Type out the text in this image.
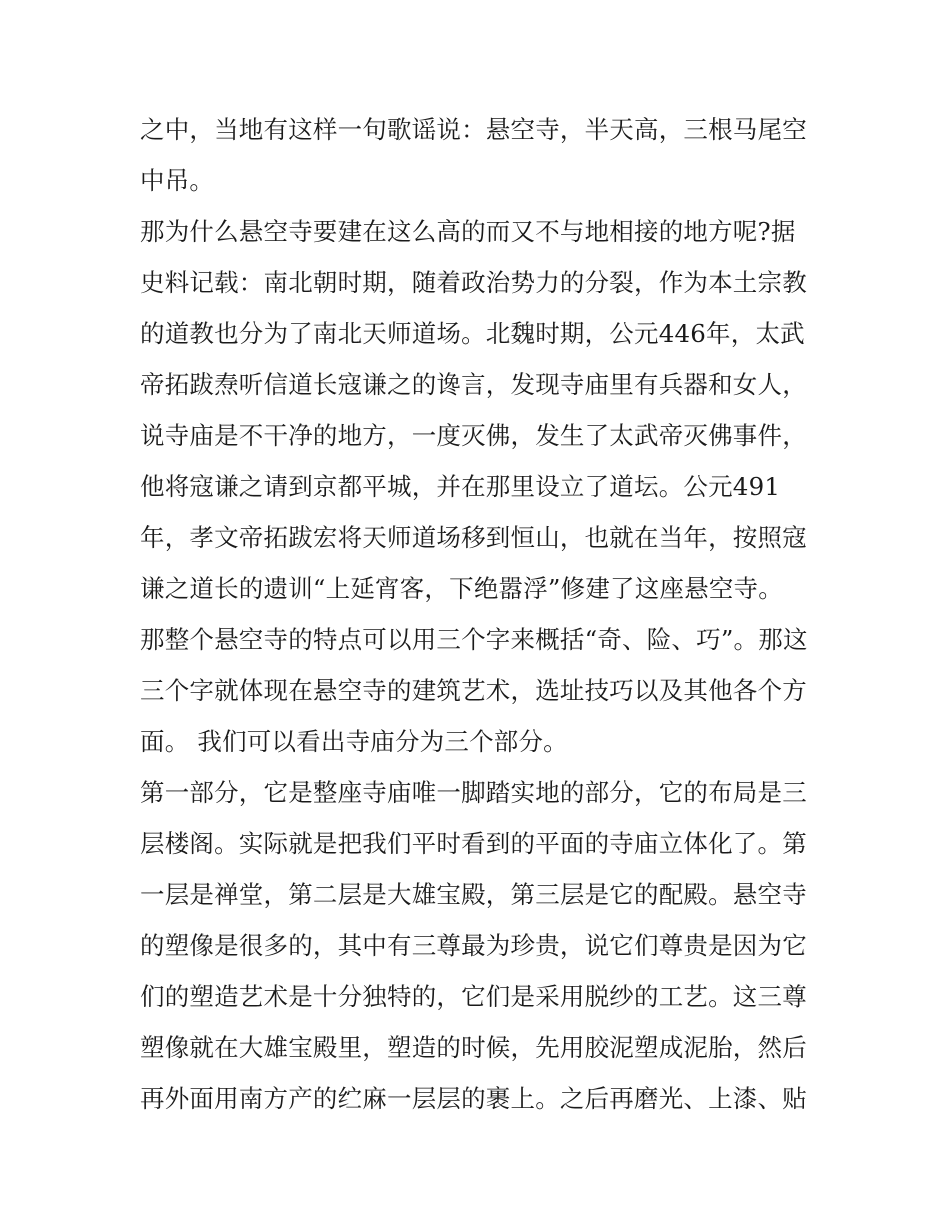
之中，当地有这样一句歌谣说：悬空寺，半天高，三根马尾空
中吊。
那为什么悬空寺要建在这么高的而又不与地相接的地方呢?据
史料记载：南北朝时期，随着政治势力的分裂，作为本土宗教
的道教也分为了南北天师道场。北魏时期，公元446年，太武
帝拓跋焘听信道长寇谦之的谗言，发现寺庙里有兵器和女人，
说寺庙是不干净的地方，一度灭佛，发生了太武帝灭佛事件，
他将寇谦之请到京都平城，并在那里设立了道坛。公元491
年，孝文帝拓跋宏将天师道场移到恒山，也就在当年，按照寇
谦之道长的遗训“上延宵客，下绝嚣浮”修建了这座悬空寺。
那整个悬空寺的特点可以用三个字来概括“奇、险、巧”。那这
三个字就体现在悬空寺的建筑艺术，选址技巧以及其他各个方
面。 我们可以看出寺庙分为三个部分。
第一部分，它是整座寺庙唯一脚踏实地的部分，它的布局是三
层楼阁。实际就是把我们平时看到的平面的寺庙立体化了。第
一层是禅堂，第二层是大雄宝殿，第三层是它的配殿。悬空寺
的塑像是很多的，其中有三尊最为珍贵，说它们尊贵是因为它
们的塑造艺术是十分独特的，它们是采用脱纱的工艺。这三尊
塑像就在大雄宝殿里，塑造的时候，先用胶泥塑成泥胎，然后
再外面用南方产的纻麻一层层的裹上。之后再磨光、上漆、贴
